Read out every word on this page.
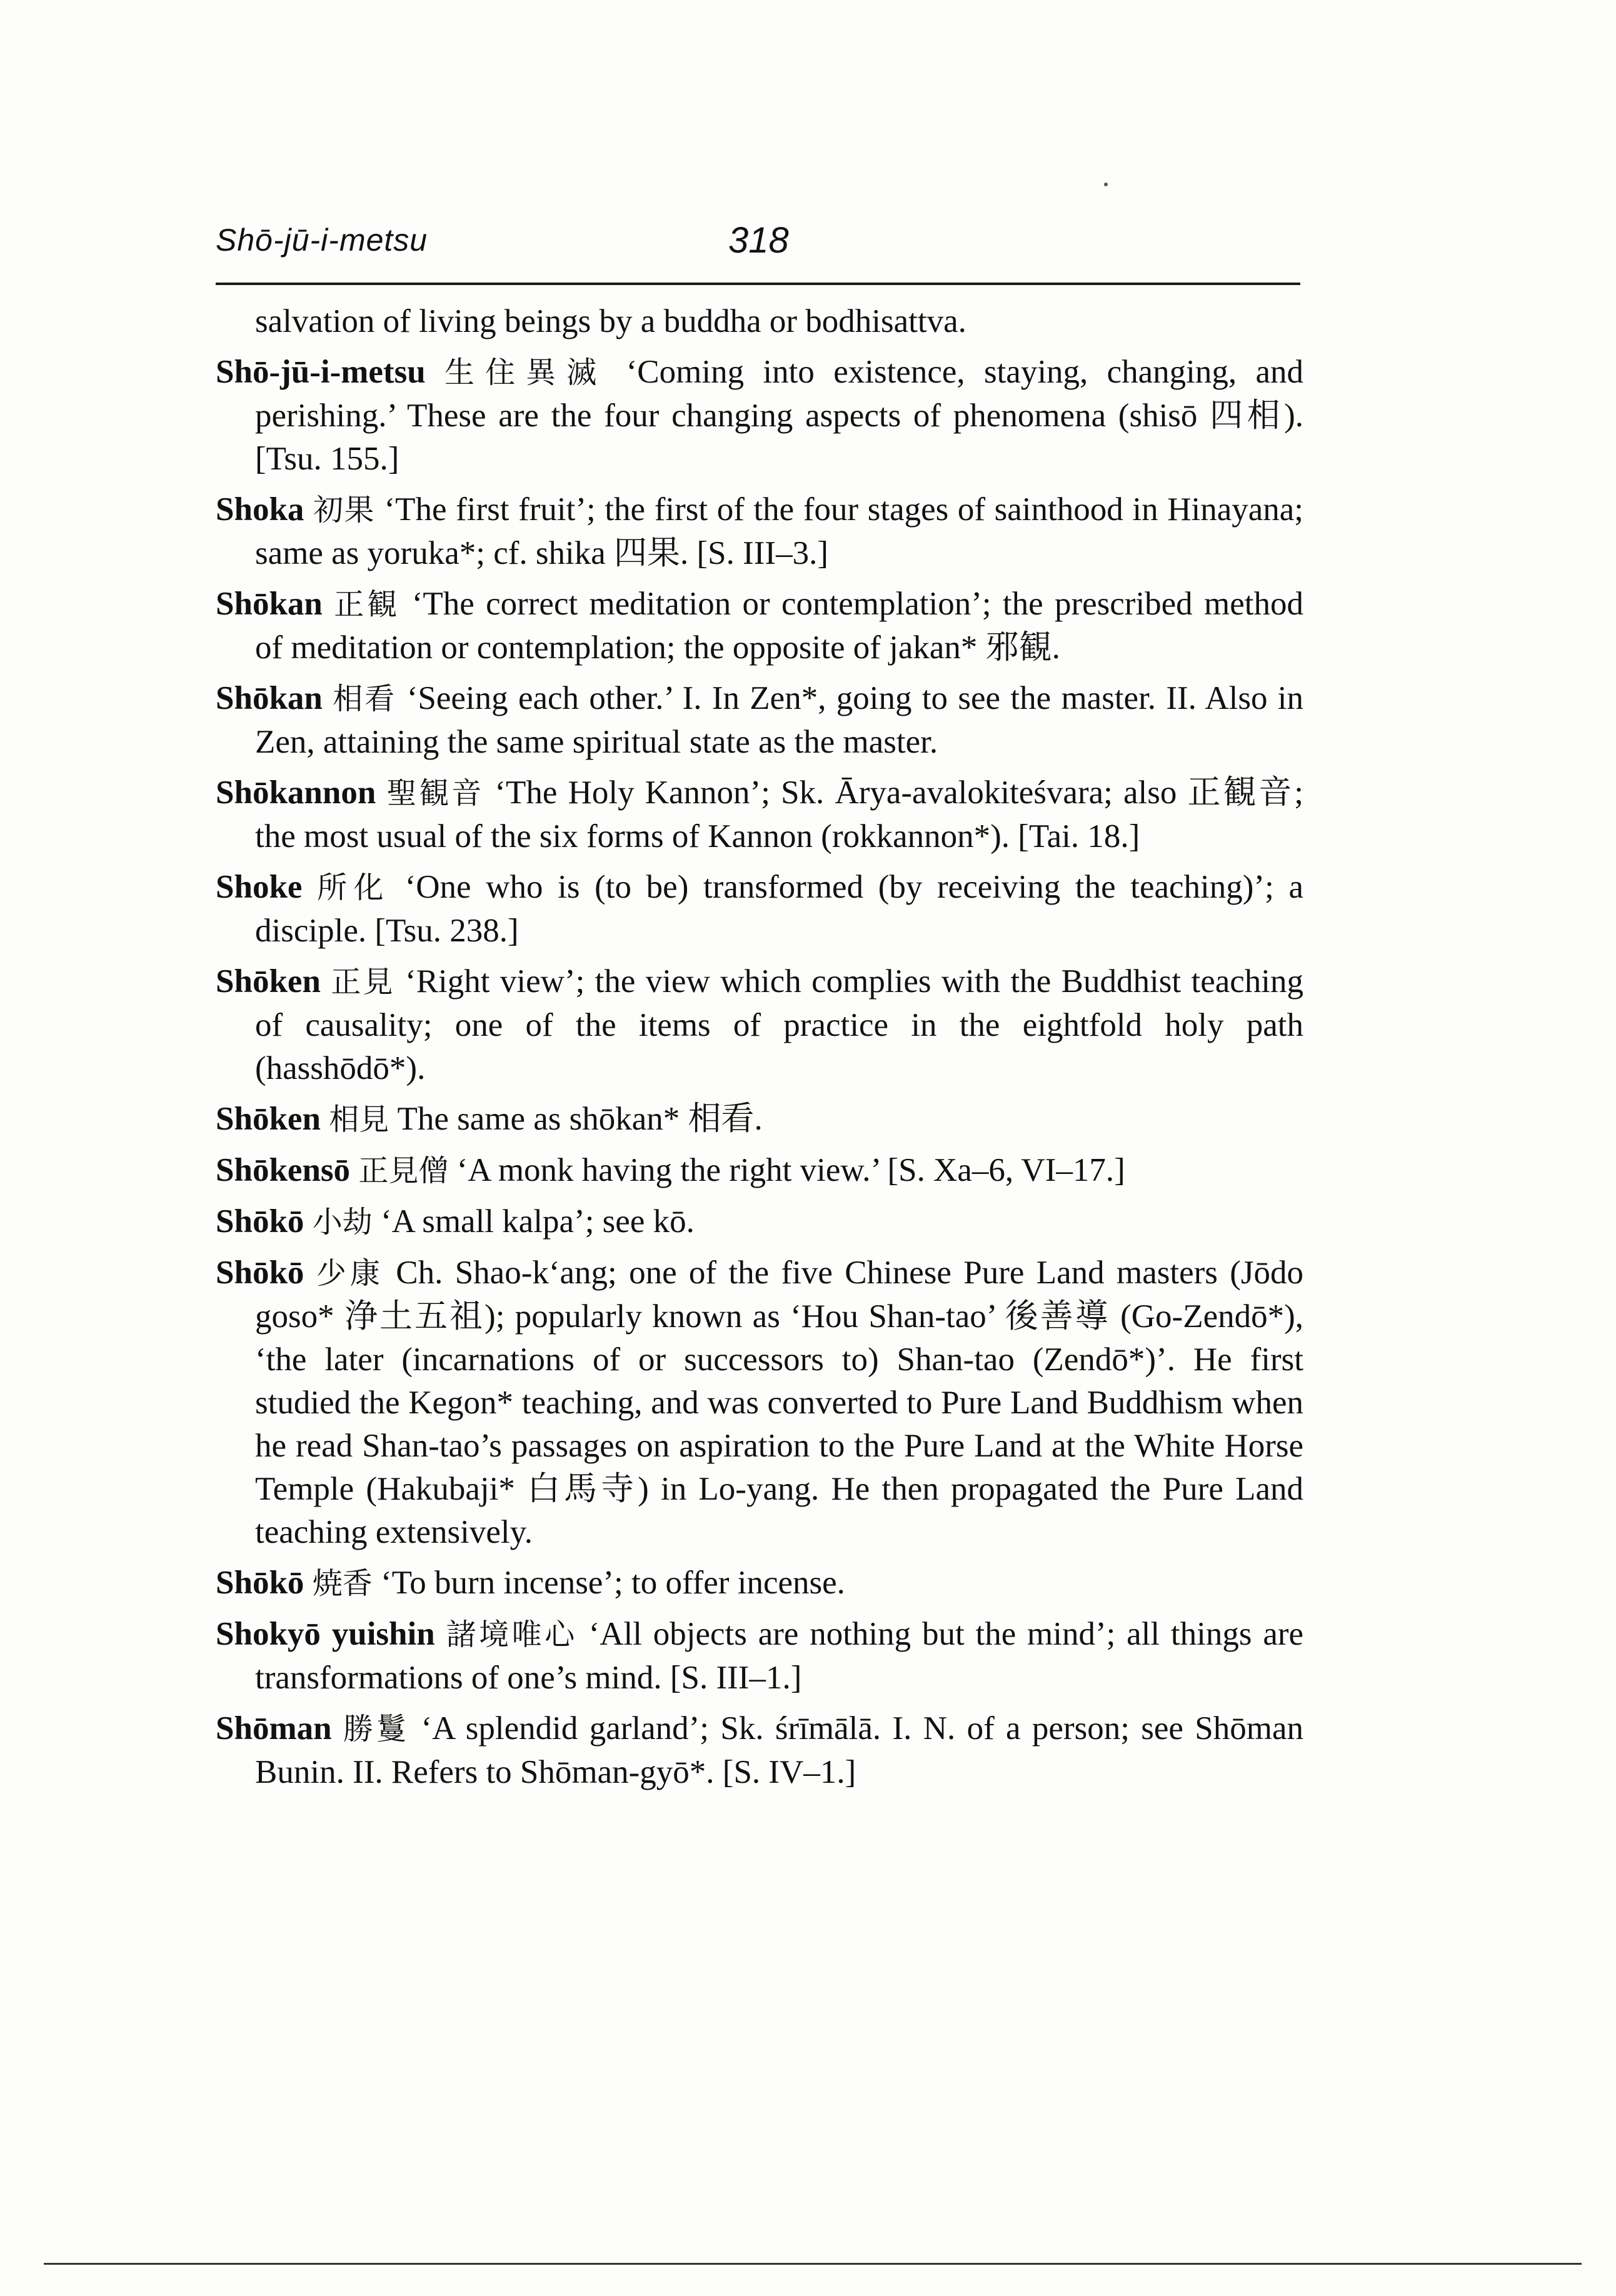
Shō-jū-i-metsu	318
salvation of living beings by a buddha or bodhisattva.
Shō-jū-i-metsu 生住異滅 ‘Coming into existence, staying, changing, and perishing.’ These are the four changing aspects of phenomena (shisō 四相). [Tsu. 155.]
Shoka 初果 ‘The first fruit’; the first of the four stages of sainthood in Hinayana; same as yoruka*; cf. shika 四果. [S. III–3.]
Shōkan 正観 ‘The correct meditation or contemplation’; the prescribed method of meditation or contemplation; the opposite of jakan* 邪観.
Shōkan 相看 ‘Seeing each other.’ I. In Zen*, going to see the master. II. Also in Zen, attaining the same spiritual state as the master.
Shōkannon 聖観音 ‘The Holy Kannon’; Sk. Ārya-avalokiteśvara; also 正観音; the most usual of the six forms of Kannon (rokkannon*). [Tai. 18.]
Shoke 所化 ‘One who is (to be) transformed (by receiving the teaching)’; a disciple. [Tsu. 238.]
Shōken 正見 ‘Right view’; the view which complies with the Buddhist teaching of causality; one of the items of practice in the eightfold holy path (hasshōdō*).
Shōken 相見 The same as shōkan* 相看.
Shōkensō 正見僧 ‘A monk having the right view.’ [S. Xa–6, VI–17.]
Shōkō 小劫 ‘A small kalpa’; see kō.
Shōkō 少康 Ch. Shao-k‘ang; one of the five Chinese Pure Land masters (Jōdo goso* 浄土五祖); popularly known as ‘Hou Shan-tao’ 後善導 (Go-Zendō*), ‘the later (incarnations of or successors to) Shan-tao (Zendō*)’. He first studied the Kegon* teaching, and was converted to Pure Land Buddhism when he read Shan-tao’s passages on aspiration to the Pure Land at the White Horse Temple (Hakubaji* 白馬寺) in Lo-yang. He then propagated the Pure Land teaching extensively.
Shōkō 焼香 ‘To burn incense’; to offer incense.
Shokyō yuishin 諸境唯心 ‘All objects are nothing but the mind’; all things are transformations of one’s mind. [S. III–1.]
Shōman 勝鬘 ‘A splendid garland’; Sk. śrīmālā. I. N. of a person; see Shōman Bunin. II. Refers to Shōman-gyō*. [S. IV–1.]
